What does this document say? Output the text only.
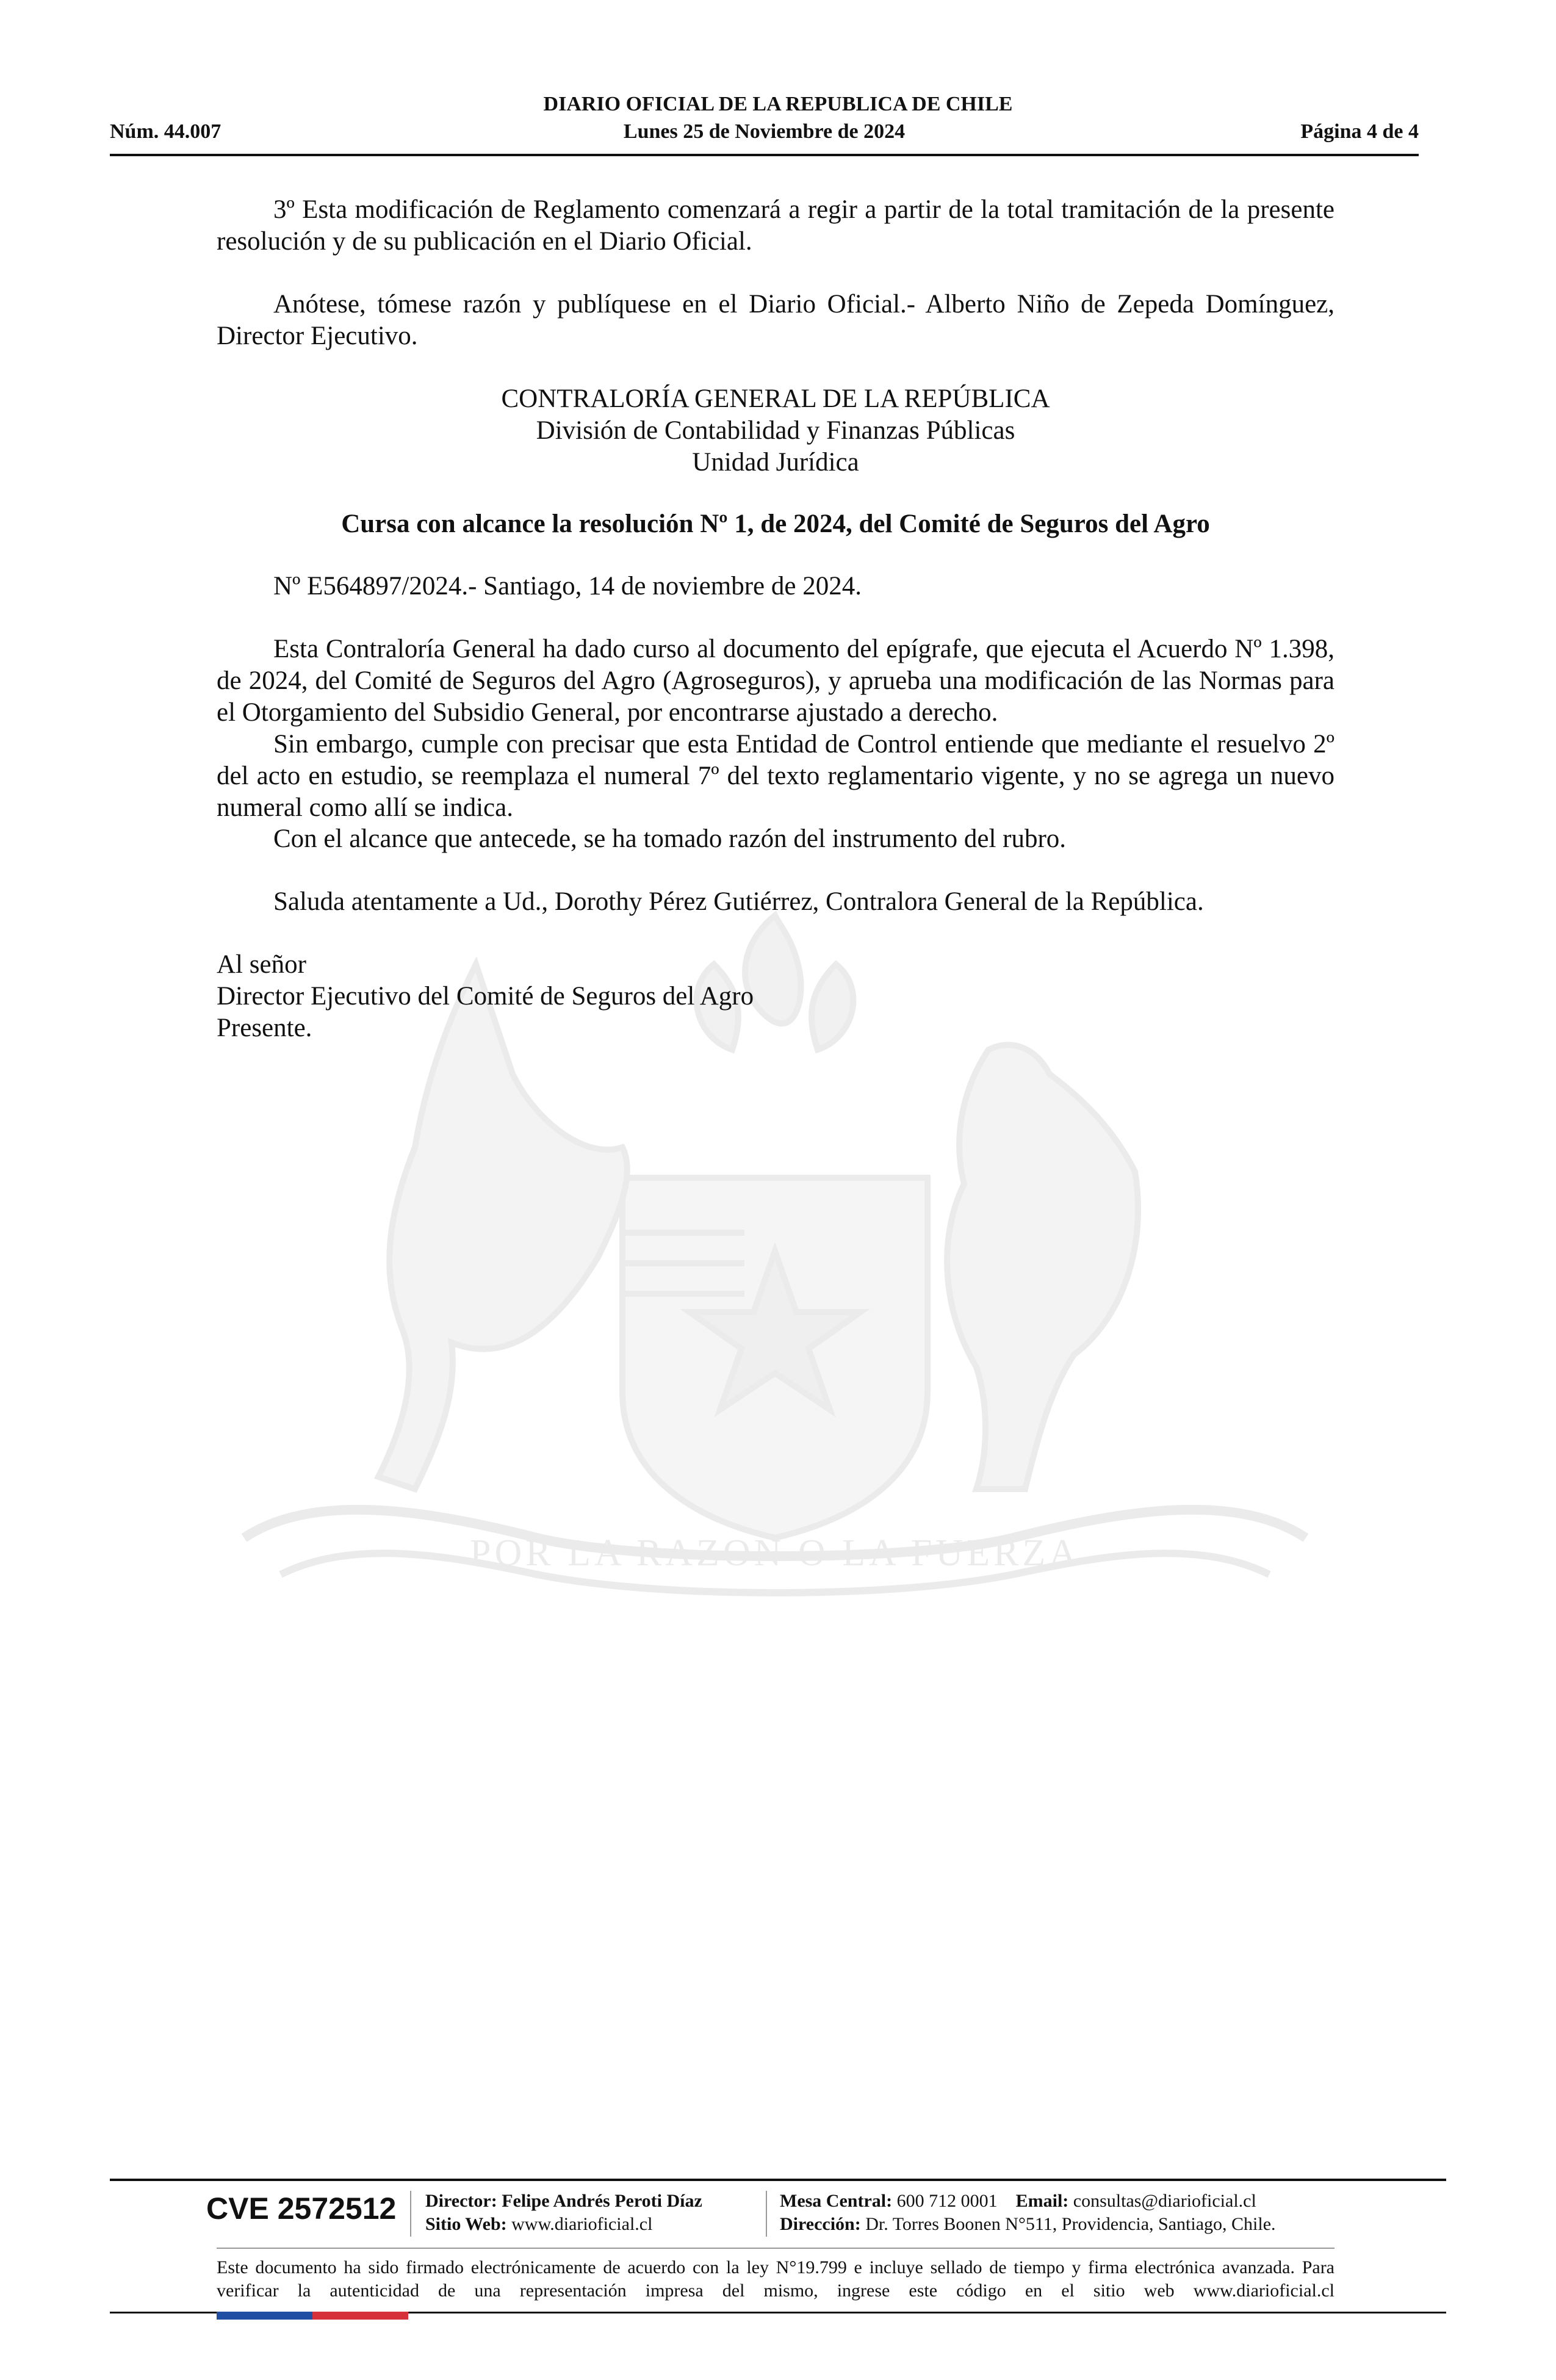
DIARIO OFICIAL DE LA REPUBLICA DE CHILE
Núm. 44.007	Lunes 25 de Noviembre de 2024	Página 4 de 4
POR LA RAZON O LA FUERZA

3º Esta modificación de Reglamento comenzará a regir a partir de la total tramitación de la presente resolución y de su publicación en el Diario Oficial.

Anótese, tómese razón y publíquese en el Diario Oficial.- Alberto Niño de Zepeda Domínguez, Director Ejecutivo.

CONTRALORÍA GENERAL DE LA REPÚBLICA

División de Contabilidad y Finanzas Públicas

Unidad Jurídica

Cursa con alcance la resolución Nº 1, de 2024, del Comité de Seguros del Agro

Nº E564897/2024.- Santiago, 14 de noviembre de 2024.

Esta Contraloría General ha dado curso al documento del epígrafe, que ejecuta el Acuerdo Nº 1.398, de 2024, del Comité de Seguros del Agro (Agroseguros), y aprueba una modificación de las Normas para el Otorgamiento del Subsidio General, por encontrarse ajustado a derecho.

Sin embargo, cumple con precisar que esta Entidad de Control entiende que mediante el resuelvo 2º del acto en estudio, se reemplaza el numeral 7º del texto reglamentario vigente, y no se agrega un nuevo numeral como allí se indica.

Con el alcance que antecede, se ha tomado razón del instrumento del rubro.

Saluda atentamente a Ud., Dorothy Pérez Gutiérrez, Contralora General de la República.

Al señor

Director Ejecutivo del Comité de Seguros del Agro

Presente.

CVE 2572512 Director: Felipe Andrés Peroti Díaz
Sitio Web: www.diarioficial.cl
Mesa Central: 600 712 0001 Email: consultas@diarioficial.cl
Dirección: Dr. Torres Boonen N°511, Providencia, Santiago, Chile.
Este documento ha sido firmado electrónicamente de acuerdo con la ley N°19.799 e incluye sellado de tiempo y firma electrónica avanzada. Para verificar la autenticidad de una representación impresa del mismo, ingrese este código en el sitio web www.diarioficial.cl
